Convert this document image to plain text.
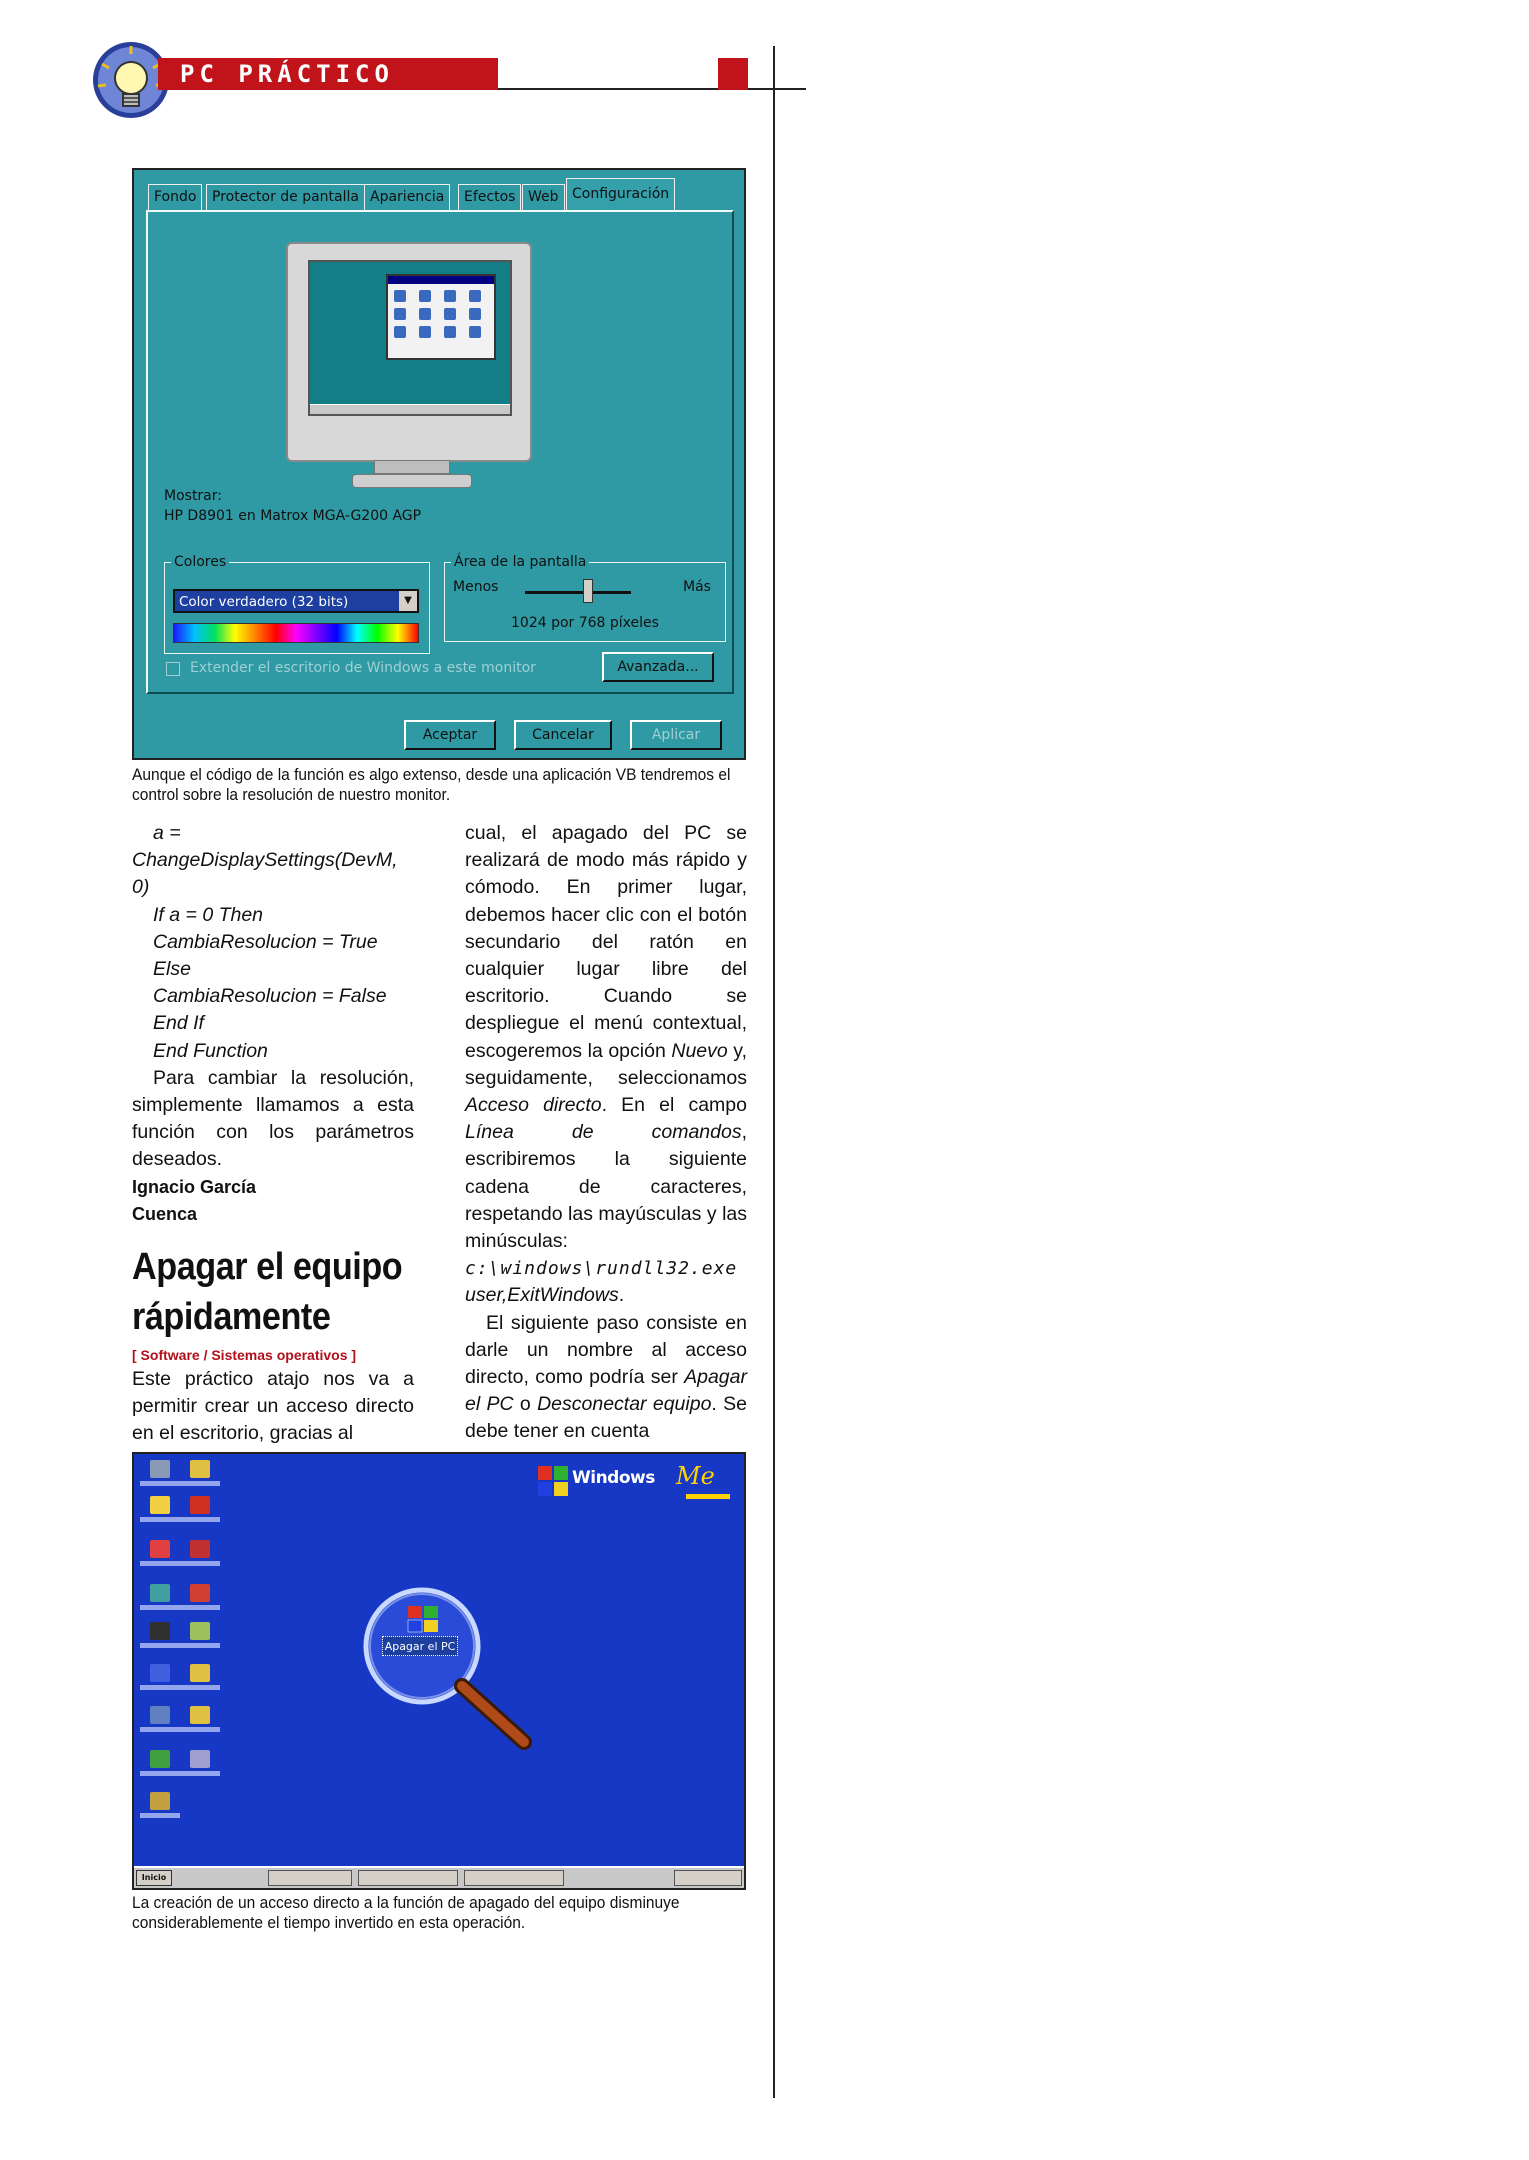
PC PRÁCTICO
Fondo	Protector de pantalla Apariencia	Efectos Web Configuración
Mostrar:
HP D8901 en Matrox MGA-G200 AGP
Colores
Color verdadero (32 bits)	▼
Área de la pantalla
Menos	Más
1024 por 768 píxeles
Extender el escritorio de Windows a este monitor	Avanzada...
Aceptar	Cancelar	Aplicar
Aunque el código de la función es algo extenso, desde una aplicación VB tendremos el control sobre la resolución de nuestro monitor.
a =
ChangeDisplaySettings(DevM, 0)
If a = 0 Then
CambiaResolucion = True
Else
CambiaResolucion = False
End If
End Function

Para cambiar la resolución, simplemente llamamos a esta función con los parámetros deseados.

Ignacio García
Cuenca
Apagar el equipo rápidamente
[ Software / Sistemas operativos ]

Este práctico atajo nos va a permitir crear un acceso directo en el escritorio, gracias al

cual, el apagado del PC se realizará de modo más rápido y cómodo. En primer lugar, debemos hacer clic con el botón secundario del ratón en cualquier lugar libre del escritorio. Cuando se despliegue el menú contextual, escogeremos la opción Nuevo y, seguidamente, seleccionamos Acceso directo. En el campo Línea de comandos, escribiremos la siguiente cadena de caracteres, respetando las mayúsculas y las minúsculas:

c:\windows\rundll32.exe
user,ExitWindows.

El siguiente paso consiste en darle un nombre al acceso directo, como podría ser Apagar el PC o Desconectar equipo. Se debe tener en cuenta

Windows Me
Apagar el PC
Inicio
La creación de un acceso directo a la función de apagado del equipo disminuye considerablemente el tiempo invertido en esta operación.
